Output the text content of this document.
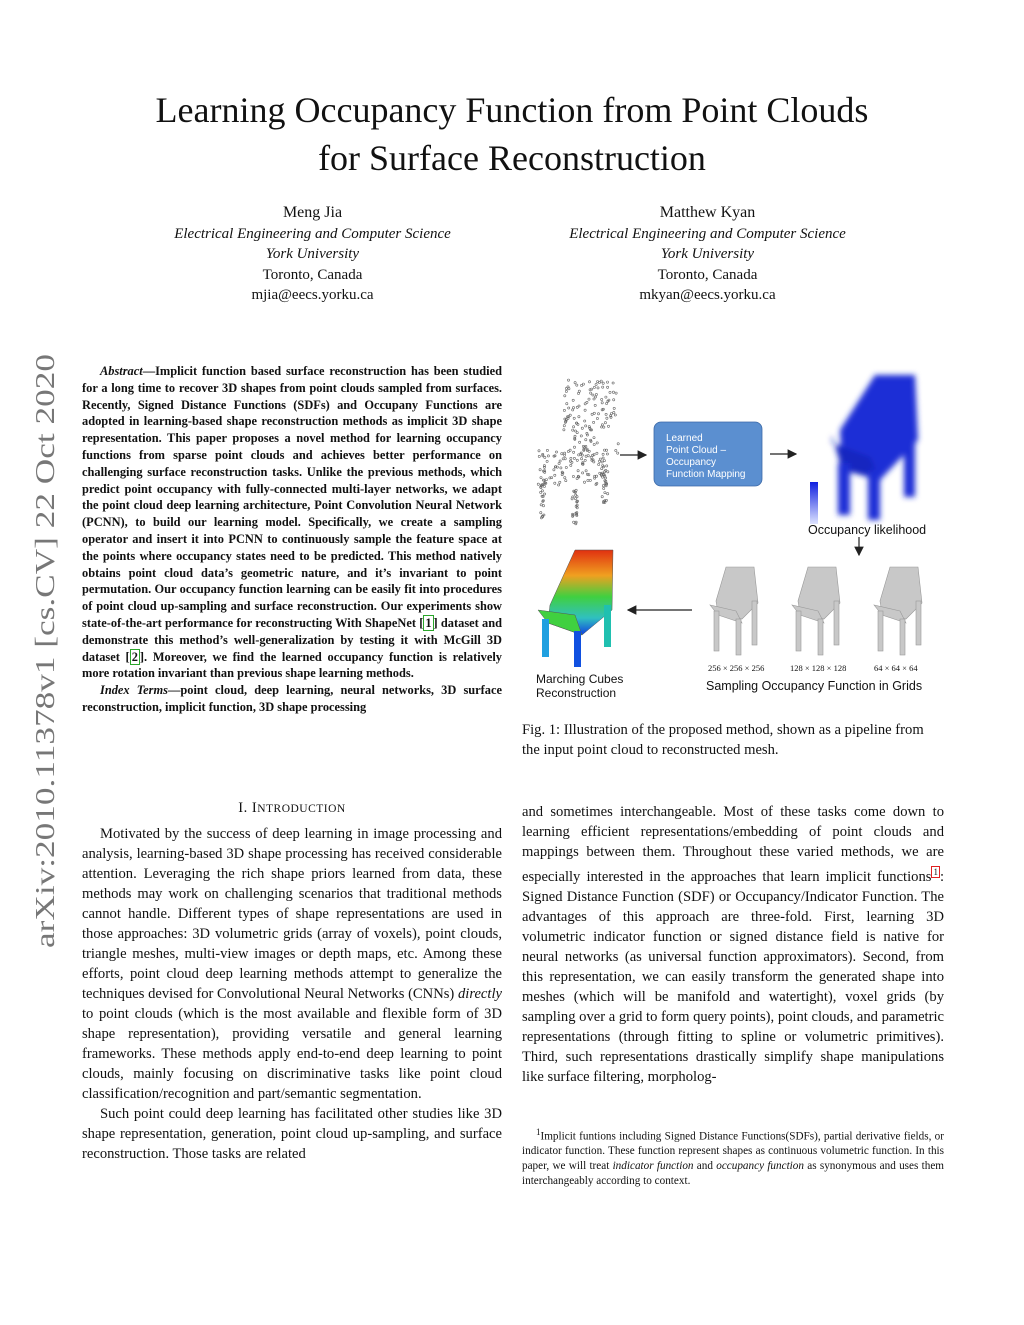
Learning Occupancy Function from Point Clouds
for Surface Reconstruction
Meng Jia
Electrical Engineering and Computer Science
York University
Toronto, Canada
mjia@eecs.yorku.ca
Matthew Kyan
Electrical Engineering and Computer Science
York University
Toronto, Canada
mkyan@eecs.yorku.ca
arXiv:2010.11378v1 [cs.CV] 22 Oct 2020
Abstract—Implicit function based surface reconstruction has been studied for a long time to recover 3D shapes from point clouds sampled from surfaces. Recently, Signed Distance Functions (SDFs) and Occupany Functions are adopted in learning-based shape reconstruction methods as implicit 3D shape representation. This paper proposes a novel method for learning occupancy functions from sparse point clouds and achieves better performance on challenging surface reconstruction tasks. Unlike the previous methods, which predict point occupancy with fully-connected multi-layer networks, we adapt the point cloud deep learning architecture, Point Convolution Neural Network (PCNN), to build our learning model. Specifically, we create a sampling operator and insert it into PCNN to continuously sample the feature space at the points where occupancy states need to be predicted. This method natively obtains point cloud data’s geometric nature, and it’s invariant to point permutation. Our occupancy function learning can be easily fit into procedures of point cloud up-sampling and surface reconstruction. Our experiments show state-of-the-art performance for reconstructing With ShapeNet [ 1 ] dataset and demonstrate this method’s well-generalization by testing it with McGill 3D dataset [ 2 ]. Moreover, we find the learned occupancy function is relatively more rotation invariant than previous shape learning methods.
Index Terms—point cloud, deep learning, neural networks, 3D surface reconstruction, implicit function, 3D shape processing
I. INTRODUCTION

Motivated by the success of deep learning in image processing and analysis, learning-based 3D shape processing has received considerable attention. Leveraging the rich shape priors learned from data, these methods may work on challenging scenarios that traditional methods cannot handle. Different types of shape representations are used in those approaches: 3D volumetric grids (array of voxels), point clouds, triangle meshes, multi-view images or depth maps, etc. Among these efforts, point cloud deep learning methods attempt to generalize the techniques devised for Convolutional Neural Networks (CNNs) directly to point clouds (which is the most available and flexible form of 3D shape representation), providing versatile and general learning frameworks. These methods apply end-to-end deep learning to point clouds, mainly focusing on discriminative tasks like point cloud classification/recognition and part/semantic segmentation.

Such point could deep learning has facilitated other studies like 3D shape representation, generation, point cloud up-sampling, and surface reconstruction. Those tasks are related

Learned Point Cloud – Occupancy Function Mapping
Occupancy likelihood
256 × 256 × 256	128 × 128 × 128	64 × 64 × 64
Sampling Occupancy Function in Grids
Marching Cubes Reconstruction
Fig. 1: Illustration of the proposed method, shown as a pipeline from the input point cloud to reconstructed mesh.

and sometimes interchangeable. Most of these tasks come down to learning efficient representations/embedding of point clouds and mappings between them. Throughout these varied methods, we are especially interested in the approaches that learn implicit functions $^1$ : Signed Distance Function (SDF) or Occupancy/Indicator Function. The advantages of this approach are three-fold. First, learning 3D volumetric indicator function or signed distance field is native for neural networks (as universal function approximators). Second, from this representation, we can easily transform the generated shape into meshes (which will be manifold and watertight), voxel grids (by sampling over a grid to form query points), point clouds, and parametric representations (through fitting to spline or volumetric primitives). Third, such representations drastically simplify shape manipulations like surface filtering, morpholog-

$^1$Implicit funtions including Signed Distance Functions(SDFs), partial derivative fields, or indicator function. These function represent shapes as continuous volumetric function. In this paper, we will treat indicator function and occupancy function as synonymous and uses them interchangeably according to context.
